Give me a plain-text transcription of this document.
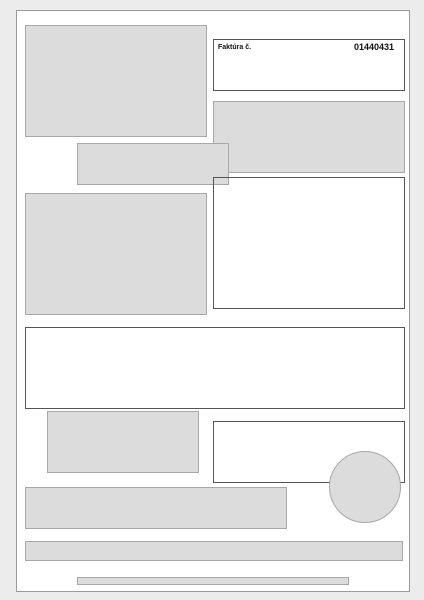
Faktúra č.	01440431
